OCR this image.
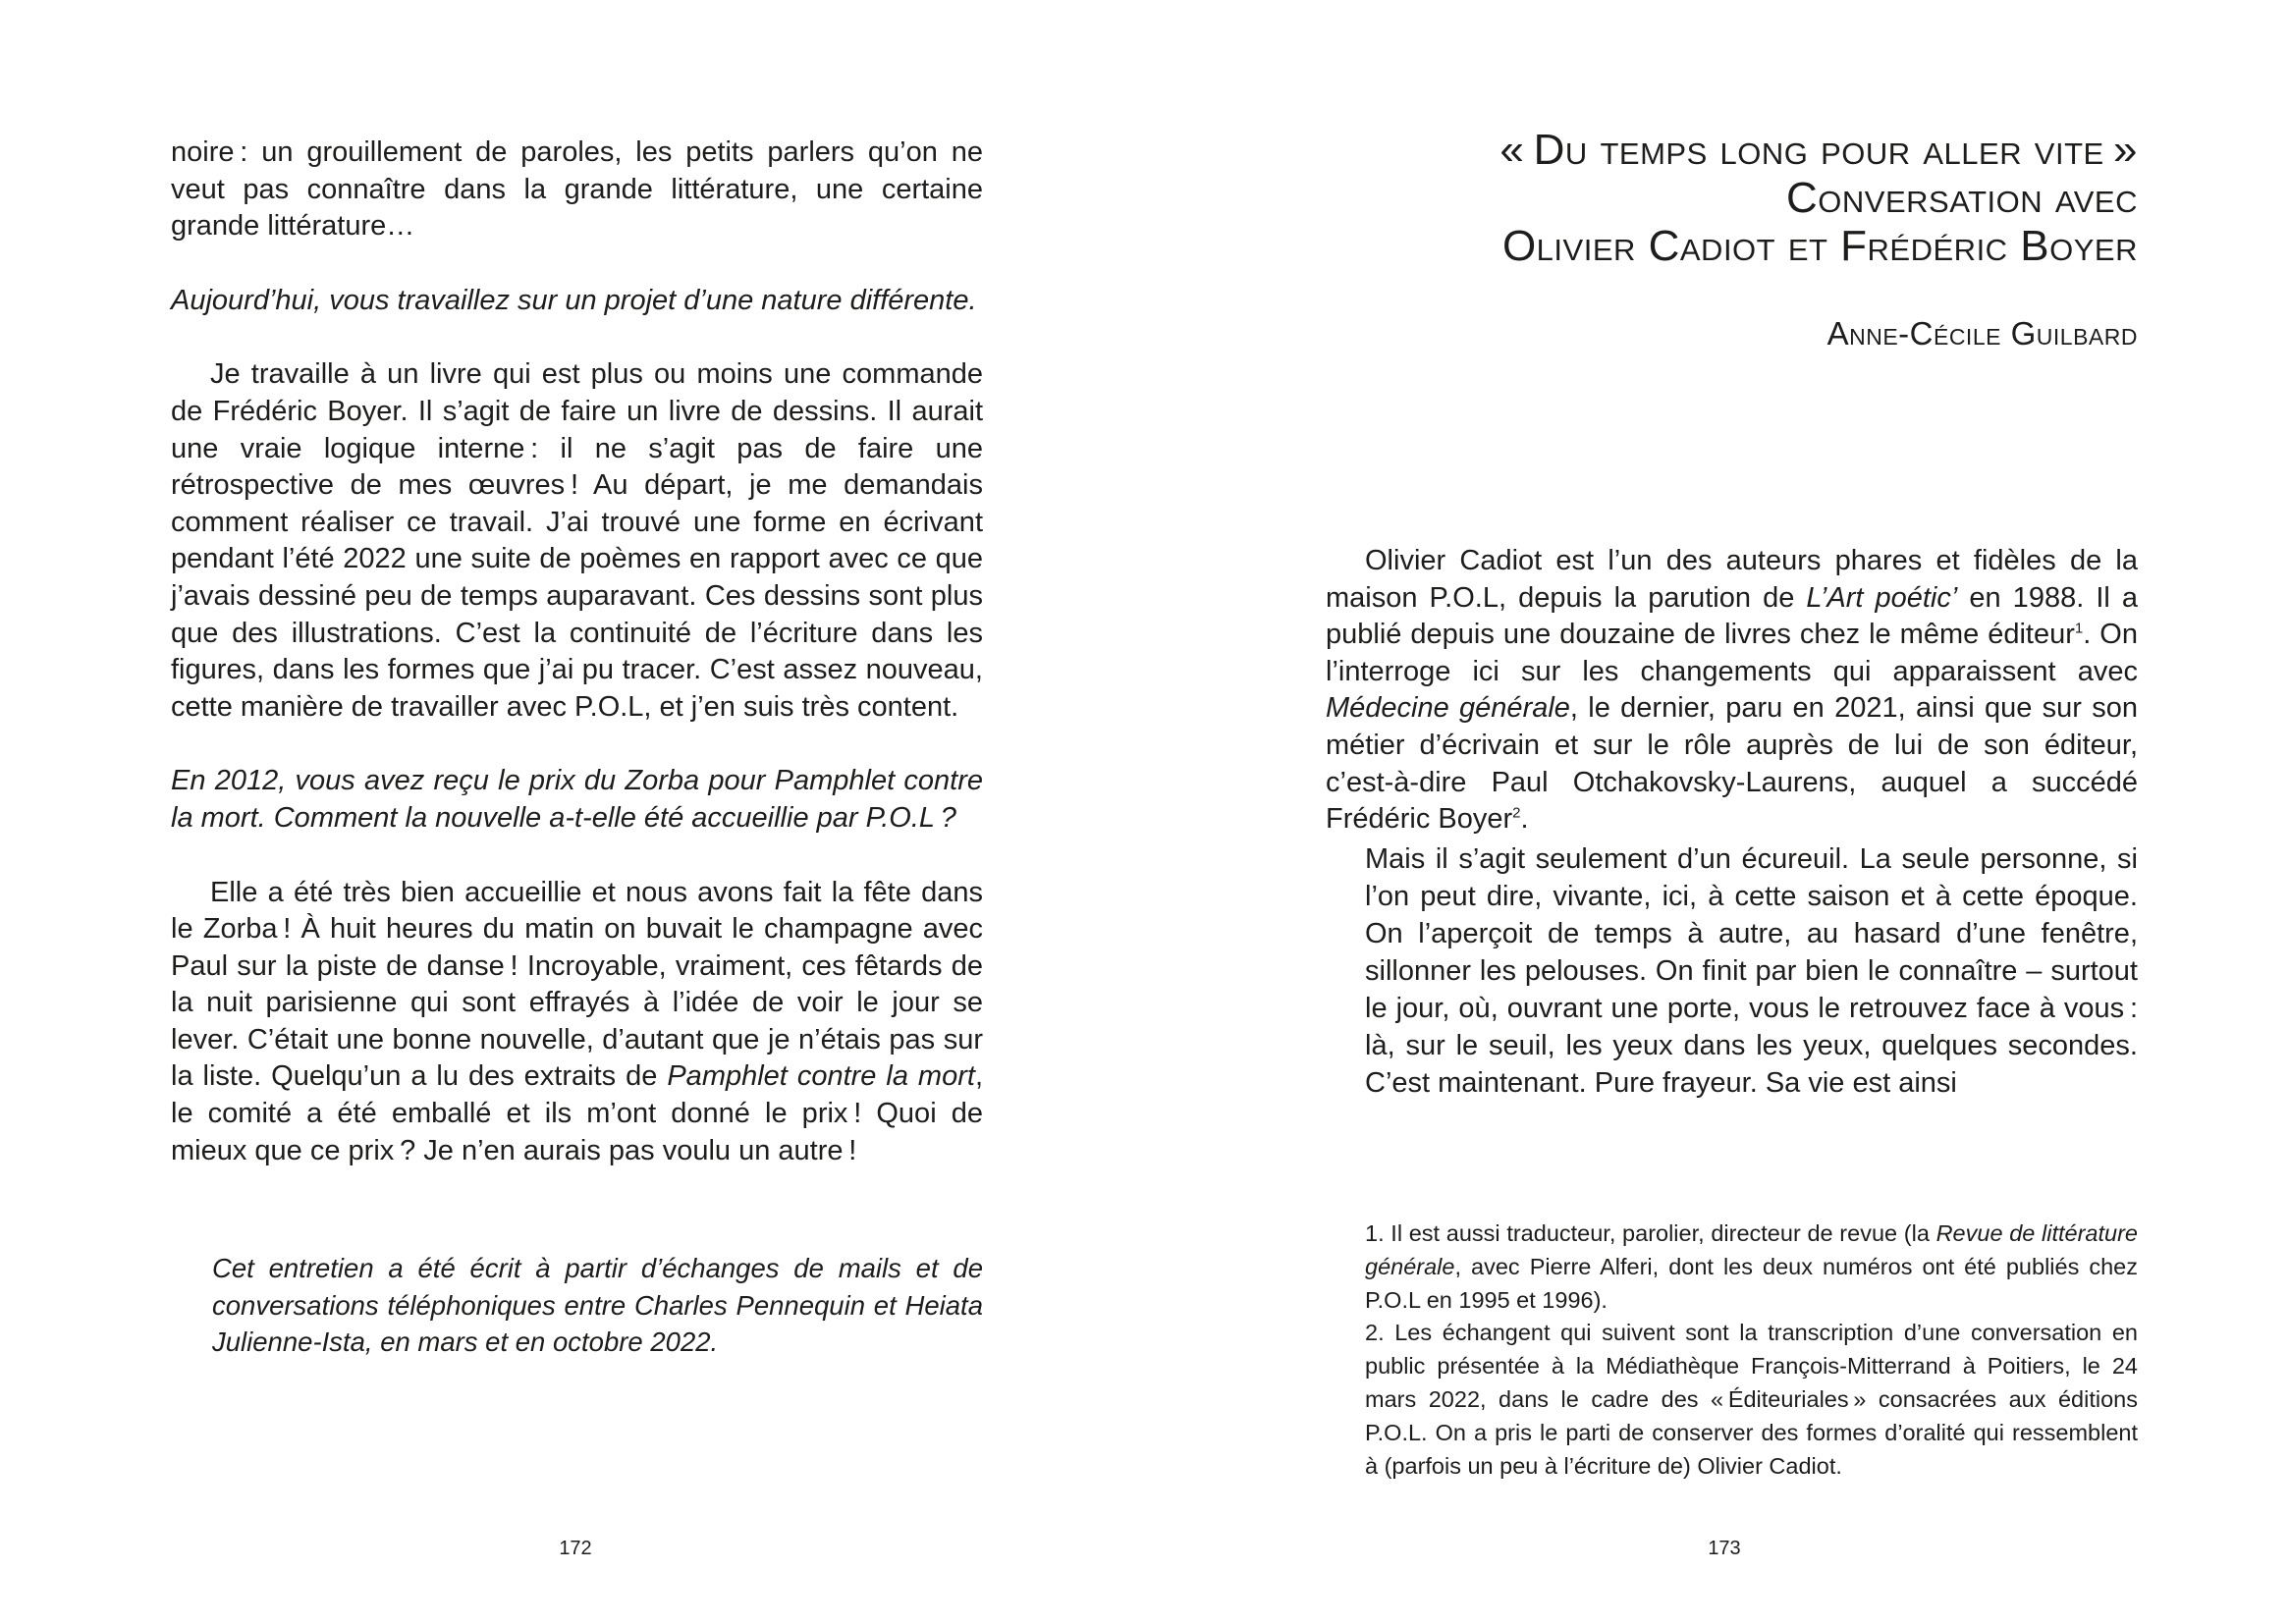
noire : un grouillement de paroles, les petits parlers qu’on ne veut pas connaître dans la grande littérature, une certaine grande littérature…

Aujourd’hui, vous travaillez sur un projet d’une nature différente.

Je travaille à un livre qui est plus ou moins une commande de Frédéric Boyer. Il s’agit de faire un livre de dessins. Il aurait une vraie logique interne : il ne s’agit pas de faire une rétrospective de mes œuvres ! Au départ, je me demandais comment réaliser ce travail. J’ai trouvé une forme en écrivant pendant l’été 2022 une suite de poèmes en rapport avec ce que j’avais dessiné peu de temps auparavant. Ces dessins sont plus que des illustrations. C’est la continuité de l’écriture dans les figures, dans les formes que j’ai pu tracer. C’est assez nouveau, cette manière de travailler avec P.O.L, et j’en suis très content.

En 2012, vous avez reçu le prix du Zorba pour Pamphlet contre la mort. Comment la nouvelle a-t-elle été accueillie par P.O.L ?

Elle a été très bien accueillie et nous avons fait la fête dans le Zorba ! À huit heures du matin on buvait le champagne avec Paul sur la piste de danse ! Incroyable, vraiment, ces fêtards de la nuit parisienne qui sont effrayés à l’idée de voir le jour se lever. C’était une bonne nouvelle, d’autant que je n’étais pas sur la liste. Quelqu’un a lu des extraits de Pamphlet contre la mort, le comité a été emballé et ils m’ont donné le prix ! Quoi de mieux que ce prix ? Je n’en aurais pas voulu un autre !

Cet entretien a été écrit à partir d’échanges de mails et de conversations téléphoniques entre Charles Pennequin et Heiata Julienne-Ista, en mars et en octobre 2022.

172
« Du temps long pour aller vite »
Conversation avec
Olivier Cadiot et Frédéric Boyer
Anne-Cécile Guilbard

Olivier Cadiot est l’un des auteurs phares et fidèles de la maison P.O.L, depuis la parution de L’Art poétic’ en 1988. Il a publié depuis une douzaine de livres chez le même éditeur$^1$. On l’interroge ici sur les changements qui apparaissent avec Médecine générale, le dernier, paru en 2021, ainsi que sur son métier d’écrivain et sur le rôle auprès de lui de son éditeur, c’est-à-dire Paul Otchakovsky-Laurens, auquel a succédé Frédéric Boyer$^2$.

Mais il s’agit seulement d’un écureuil. La seule personne, si l’on peut dire, vivante, ici, à cette saison et à cette époque. On l’aperçoit de temps à autre, au hasard d’une fenêtre, sillonner les pelouses. On finit par bien le connaître – surtout le jour, où, ouvrant une porte, vous le retrouvez face à vous : là, sur le seuil, les yeux dans les yeux, quelques secondes. C’est maintenant. Pure frayeur. Sa vie est ainsi

1. Il est aussi traducteur, parolier, directeur de revue (la Revue de littérature générale, avec Pierre Alferi, dont les deux numéros ont été publiés chez P.O.L en 1995 et 1996).

2. Les échangent qui suivent sont la transcription d’une conversation en public présentée à la Médiathèque François-Mitterrand à Poitiers, le 24 mars 2022, dans le cadre des « Éditeuriales » consacrées aux éditions P.O.L. On a pris le parti de conserver des formes d’oralité qui ressemblent à (parfois un peu à l’écriture de) Olivier Cadiot.

173
